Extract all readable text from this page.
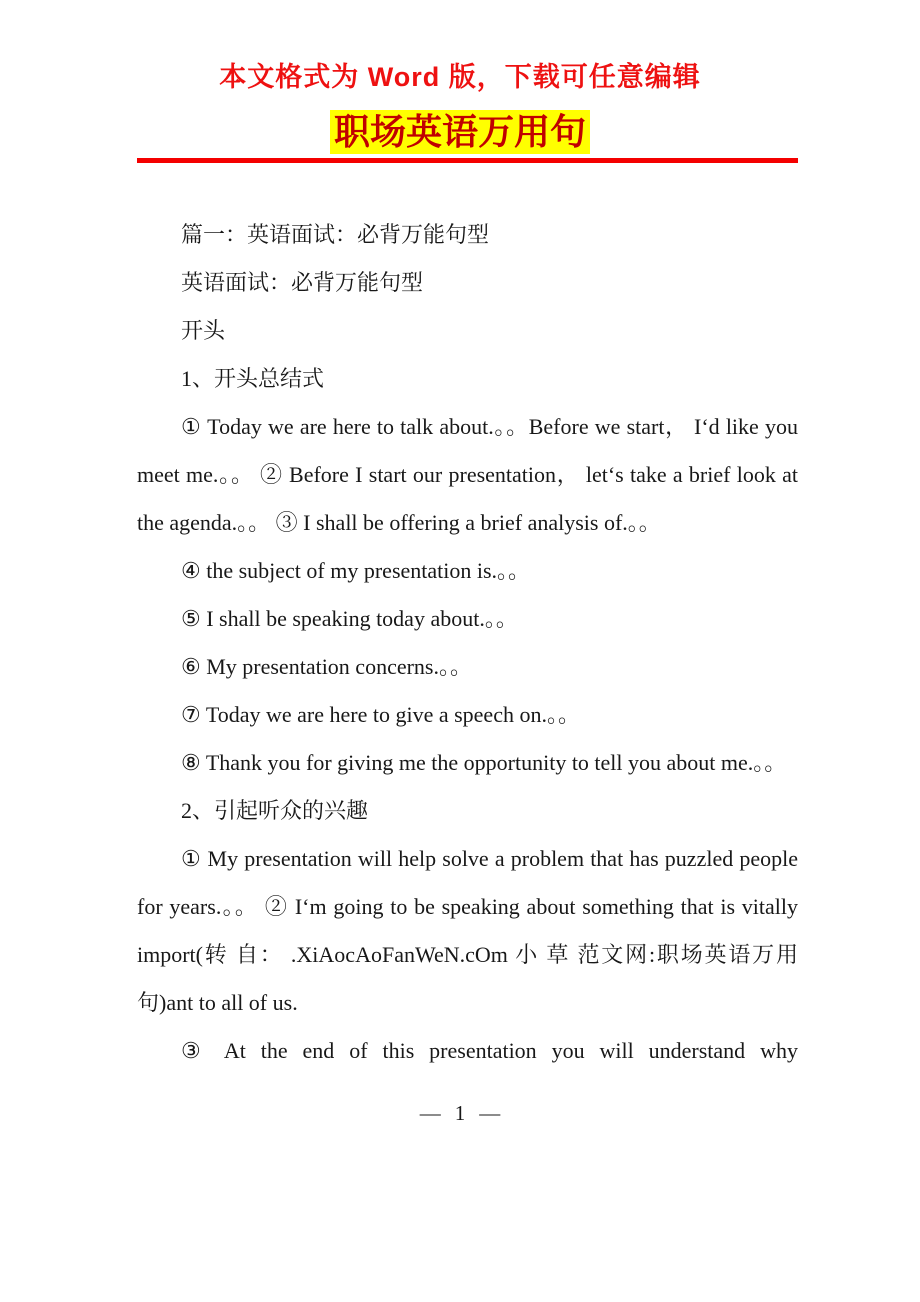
本文格式为 Word 版，下载可任意编辑
职场英语万用句

篇一：英语面试：必背万能句型

英语面试：必背万能句型

开头

1、开头总结式

① Today we are here to talk about.。。Before we start， I‘d like you meet me.。。 ② Before I start our presentation， let‘s take a brief look at the agenda.。。 ③ I shall be offering a brief analysis of.。。

④ the subject of my presentation is.。。

⑤ I shall be speaking today about.。。

⑥ My presentation concerns.。。

⑦ Today we are here to give a speech on.。。

⑧ Thank you for giving me the opportunity to tell you about me.。。

2、引起听众的兴趣

① My presentation will help solve a problem that has puzzled people for years.。。 ② I‘m going to be speaking about something that is vitally import(转 自： .XiAocAoFanWeN.cOm 小 草 范文网:职场英语万用句)ant to all of us.

③ At the end of this presentation you will understand why

— 1 —
